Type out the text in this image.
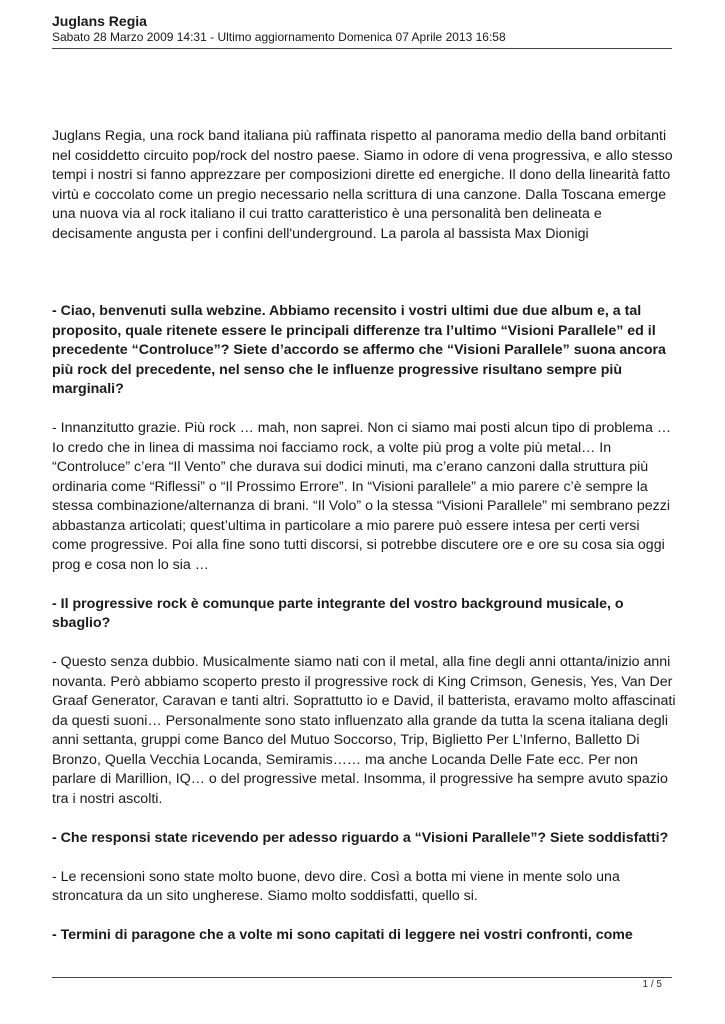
Juglans Regia
Sabato 28 Marzo 2009 14:31 - Ultimo aggiornamento Domenica 07 Aprile 2013 16:58

Juglans Regia, una rock band italiana più raffinata rispetto al panorama medio della band orbitanti nel cosiddetto circuito pop/rock del nostro paese. Siamo in odore di vena progressiva, e allo stesso tempi i nostri si fanno apprezzare per composizioni dirette ed energiche. Il dono della linearità fatto virtù e coccolato come un pregio necessario nella scrittura di una canzone. Dalla Toscana emerge una nuova via al rock italiano il cui tratto caratteristico è una personalità ben delineata e decisamente angusta per i confini dell'underground. La parola al bassista Max Dionigi

- Ciao, benvenuti sulla webzine. Abbiamo recensito i vostri ultimi due due album e, a tal proposito, quale ritenete essere le principali differenze tra l’ultimo “Visioni Parallele” ed il precedente “Controluce”? Siete d’accordo se affermo che “Visioni Parallele” suona ancora più rock del precedente, nel senso che le influenze progressive risultano sempre più marginali?

- Innanzitutto grazie. Più rock … mah, non saprei. Non ci siamo mai posti alcun tipo di problema … Io credo che in linea di massima noi facciamo rock, a volte più prog a volte più metal… In “Controluce” c’era “Il Vento” che durava sui dodici minuti, ma c’erano canzoni dalla struttura più ordinaria come “Riflessi” o “Il Prossimo Errore”. In “Visioni parallele” a mio parere c’è sempre la stessa combinazione/alternanza di brani. “Il Volo” o la stessa “Visioni Parallele” mi sembrano pezzi abbastanza articolati; quest’ultima in particolare a mio parere può essere intesa per certi versi come progressive. Poi alla fine sono tutti discorsi, si potrebbe discutere ore e ore su cosa sia oggi prog e cosa non lo sia …

- Il progressive rock è comunque parte integrante del vostro background musicale, o sbaglio?

- Questo senza dubbio. Musicalmente siamo nati con il metal, alla fine degli anni ottanta/inizio anni novanta. Però abbiamo scoperto presto il progressive rock di King Crimson, Genesis, Yes, Van Der Graaf Generator, Caravan e tanti altri. Soprattutto io e David, il batterista, eravamo molto affascinati da questi suoni… Personalmente sono stato influenzato alla grande da tutta la scena italiana degli anni settanta, gruppi come Banco del Mutuo Soccorso, Trip, Biglietto Per L’Inferno, Balletto Di Bronzo, Quella Vecchia Locanda, Semiramis…… ma anche Locanda Delle Fate ecc. Per non parlare di Marillion, IQ… o del progressive metal. Insomma, il progressive ha sempre avuto spazio tra i nostri ascolti.

- Che responsi state ricevendo per adesso riguardo a “Visioni Parallele”? Siete soddisfatti?

- Le recensioni sono state molto buone, devo dire. Così a botta mi viene in mente solo una stroncatura da un sito ungherese. Siamo molto soddisfatti, quello si.

- Termini di paragone che a volte mi sono capitati di leggere nei vostri confronti, come

1 / 5
